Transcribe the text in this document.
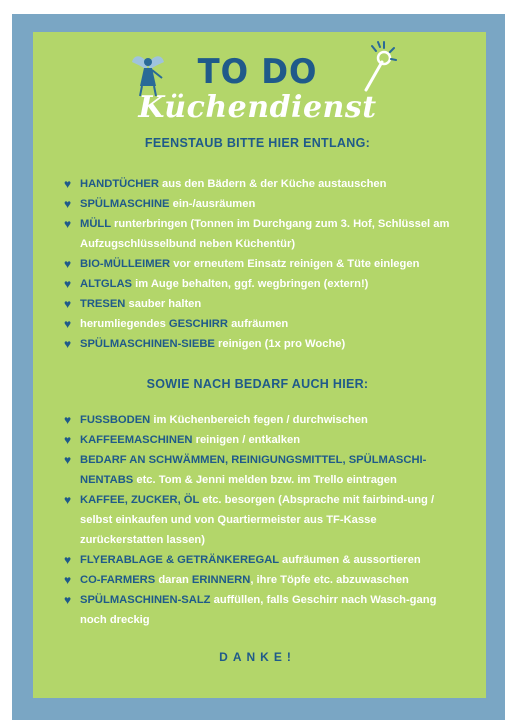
TO DO
Küchendienst
FEENSTAUB BITTE HIER ENTLANG:
♥ HANDTÜCHER aus den Bädern & der Küche austauschen
♥ SPÜLMASCHINE ein-/ausräumen
♥ MÜLL runterbringen (Tonnen im Durchgang zum 3. Hof, Schlüssel am Aufzugschlüsselbund neben Küchentür)
♥ BIO-MÜLLEIMER vor erneutem Einsatz reinigen & Tüte einlegen
♥ ALTGLAS im Auge behalten, ggf. wegbringen (extern!)
♥ TRESEN sauber halten
♥ herumliegendes GESCHIRR aufräumen
♥ SPÜLMASCHINEN-SIEBE reinigen (1x pro Woche)
SOWIE NACH BEDARF AUCH HIER:
♥ FUSSBODEN im Küchenbereich fegen / durchwischen
♥ KAFFEEMASCHINEN reinigen / entkalken
♥ BEDARF AN SCHWÄMMEN, REINIGUNGSMITTEL, SPÜLMASCHI-NENTABS etc. Tom & Jenni melden bzw. im Trello eintragen
♥ KAFFEE, ZUCKER, ÖL etc. besorgen (Absprache mit fairbind-ung / selbst einkaufen und von Quartiermeister aus TF-Kasse zurückerstatten lassen)
♥ FLYERABLAGE & GETRÄNKEREGAL aufräumen & aussortieren
♥ CO-FARMERS daran ERINNERN, ihre Töpfe etc. abzuwaschen
♥ SPÜLMASCHINEN-SALZ auffüllen, falls Geschirr nach Wasch-gang noch dreckig
DANKE!
